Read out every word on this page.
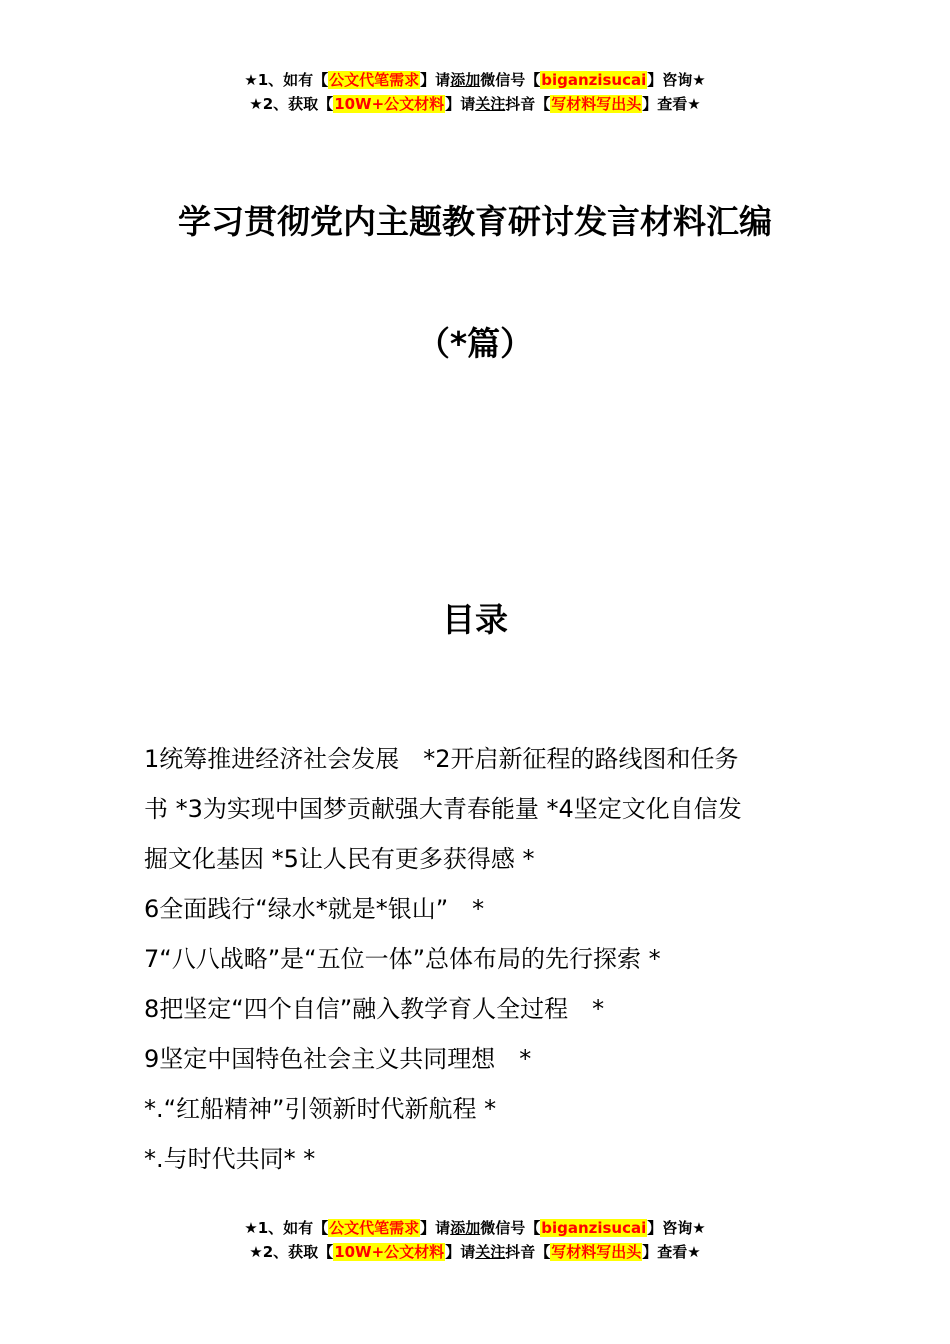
★1、如有【公文代笔需求】请添加微信号【biganzisucai】咨询★
★2、获取【10W+公文材料】请关注抖音【写材料写出头】查看★
学习贯彻党内主题教育研讨发言材料汇编
（*篇）
目录
1统筹推进经济社会发展　*2开启新征程的路线图和任务
书 *3为实现中国梦贡献强大青春能量 *4坚定文化自信发
掘文化基因 *5让人民有更多获得感 *
6全面践行“绿水*就是*银山”　*
7“八八战略”是“五位一体”总体布局的先行探索 *
8把坚定“四个自信”融入教学育人全过程　*
9坚定中国特色社会主义共同理想　*
*.“红船精神”引领新时代新航程 *
*.与时代共同* *
★1、如有【公文代笔需求】请添加微信号【biganzisucai】咨询★
★2、获取【10W+公文材料】请关注抖音【写材料写出头】查看★
